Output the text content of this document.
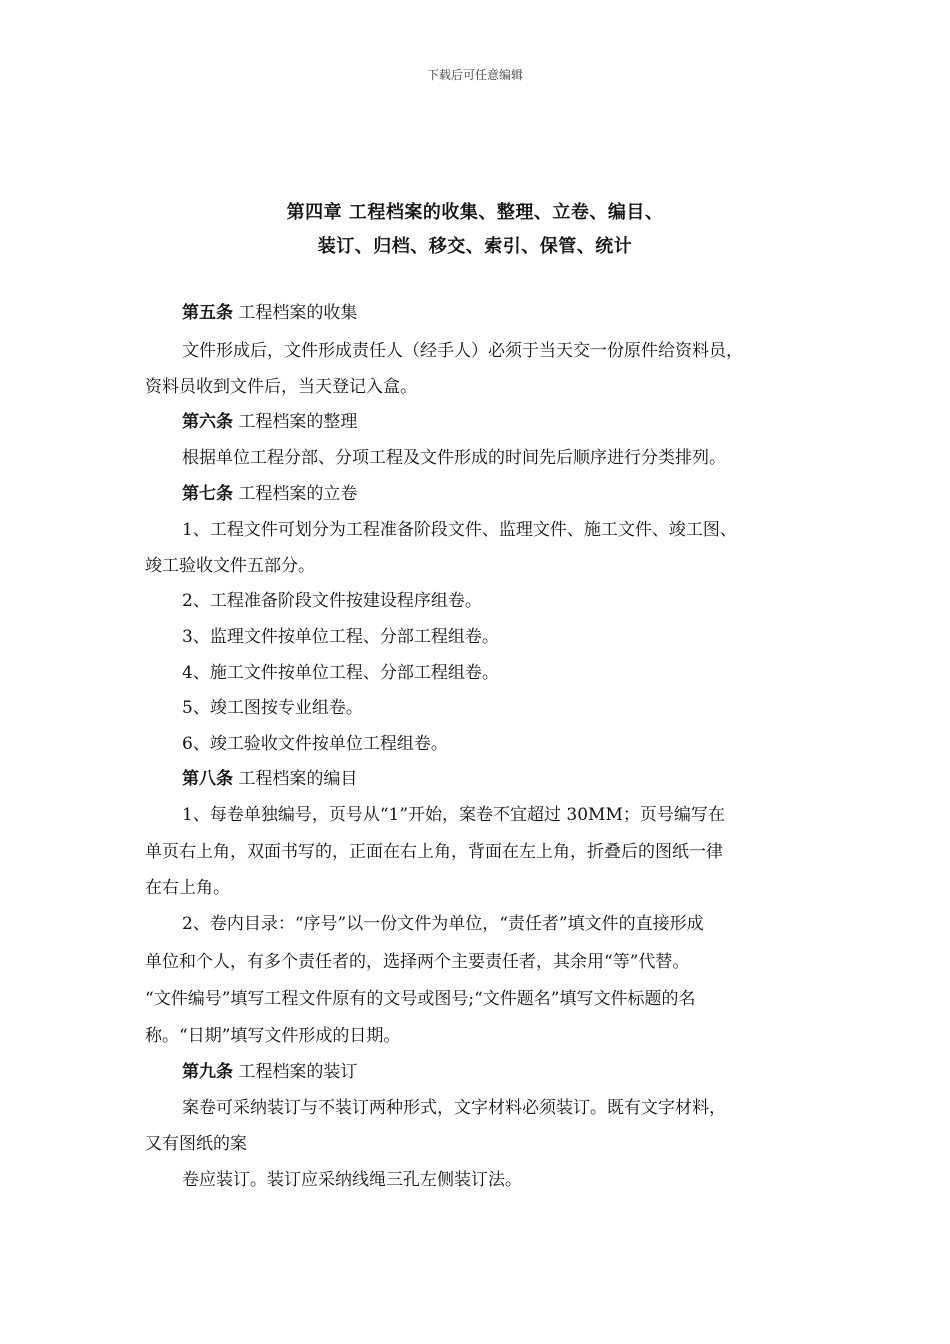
下载后可任意编辑
第四章 工程档案的收集、整理、立卷、编目、
装订、归档、移交、索引、保管、统计
第五条 工程档案的收集
文件形成后，文件形成责任人（经手人）必须于当天交一份原件给资料员，
资料员收到文件后，当天登记入盒。
第六条 工程档案的整理
根据单位工程分部、分项工程及文件形成的时间先后顺序进行分类排列。
第七条 工程档案的立卷
1、工程文件可划分为工程准备阶段文件、监理文件、施工文件、竣工图、
竣工验收文件五部分。
2、工程准备阶段文件按建设程序组卷。
3、监理文件按单位工程、分部工程组卷。
4、施工文件按单位工程、分部工程组卷。
5、竣工图按专业组卷。
6、竣工验收文件按单位工程组卷。
第八条 工程档案的编目
1、每卷单独编号，页号从“1”开始，案卷不宜超过 30MM；页号编写在
单页右上角，双面书写的，正面在右上角，背面在左上角，折叠后的图纸一律
在右上角。
2、卷内目录：“序号”以一份文件为单位，“责任者”填文件的直接形成
单位和个人，有多个责任者的，选择两个主要责任者，其余用“等”代替。
“文件编号”填写工程文件原有的文号或图号;“文件题名”填写文件标题的名
称。“日期”填写文件形成的日期。
第九条 工程档案的装订
案卷可采纳装订与不装订两种形式，文字材料必须装订。既有文字材料，
又有图纸的案
卷应装订。装订应采纳线绳三孔左侧装订法。
